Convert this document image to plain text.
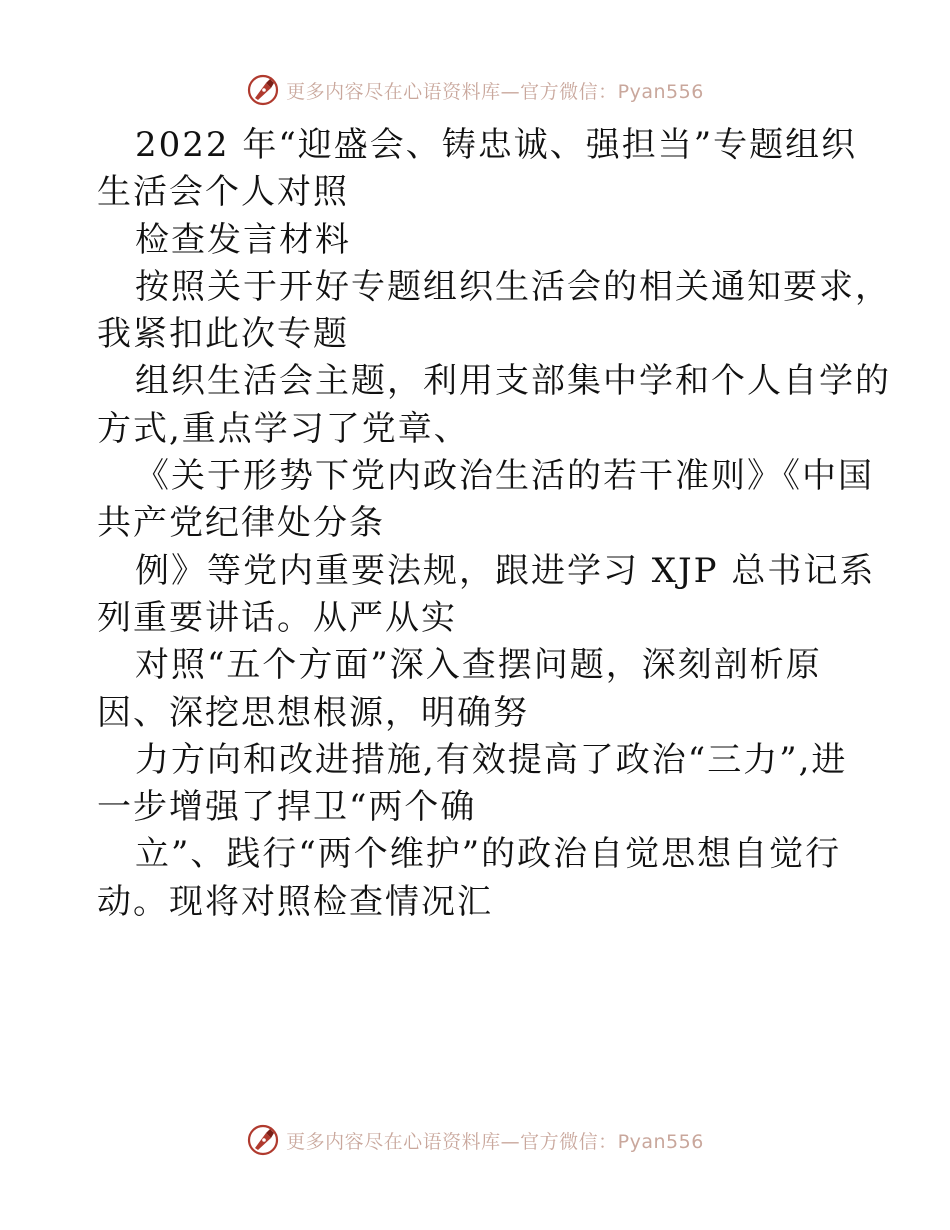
更多内容尽在心语资料库—官方微信：Pyan556
2022 年“迎盛会、铸忠诚、强担当”专题组织
生活会个人对照
检查发言材料
按照关于开好专题组织生活会的相关通知要求，
我紧扣此次专题
组织生活会主题，利用支部集中学和个人自学的
方式,重点学习了党章、
《关于形势下党内政治生活的若干准则》《中国
共产党纪律处分条
例》等党内重要法规，跟进学习 XJP 总书记系
列重要讲话。从严从实
对照“五个方面”深入查摆问题，深刻剖析原
因、深挖思想根源，明确努
力方向和改进措施,有效提高了政治“三力”,进
一步增强了捍卫“两个确
立”、践行“两个维护”的政治自觉思想自觉行
动。现将对照检查情况汇
更多内容尽在心语资料库—官方微信：Pyan556
